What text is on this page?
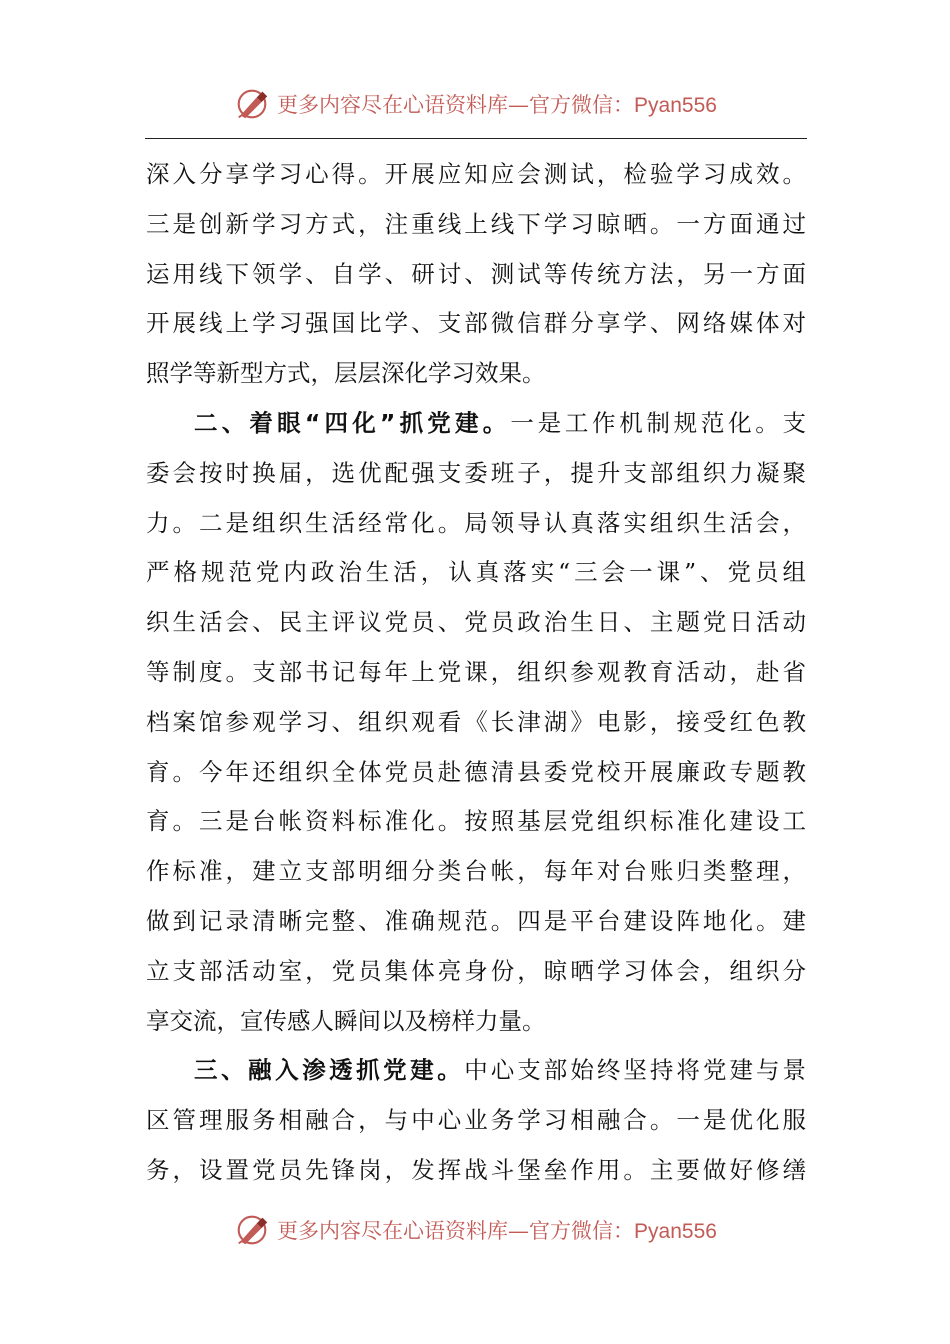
更多内容尽在心语资料库—官方微信：Pyan556
深入分享学习心得。开展应知应会测试，检验学习成效。
三是创新学习方式，注重线上线下学习晾晒。一方面通过
运用线下领学、自学、研讨、测试等传统方法，另一方面
开展线上学习强国比学、支部微信群分享学、网络媒体对
照学等新型方式，层层深化学习效果。
二、着眼“四化”抓党建。一是工作机制规范化。支
委会按时换届，选优配强支委班子，提升支部组织力凝聚
力。二是组织生活经常化。局领导认真落实组织生活会，
严格规范党内政治生活，认真落实“三会一课”、党员组
织生活会、民主评议党员、党员政治生日、主题党日活动
等制度。支部书记每年上党课，组织参观教育活动，赴省
档案馆参观学习、组织观看《长津湖》电影，接受红色教
育。今年还组织全体党员赴德清县委党校开展廉政专题教
育。三是台帐资料标准化。按照基层党组织标准化建设工
作标准，建立支部明细分类台帐，每年对台账归类整理，
做到记录清晰完整、准确规范。四是平台建设阵地化。建
立支部活动室，党员集体亮身份，晾晒学习体会，组织分
享交流，宣传感人瞬间以及榜样力量。
三、融入渗透抓党建。中心支部始终坚持将党建与景
区管理服务相融合，与中心业务学习相融合。一是优化服
务，设置党员先锋岗，发挥战斗堡垒作用。主要做好修缮
更多内容尽在心语资料库—官方微信：Pyan556
